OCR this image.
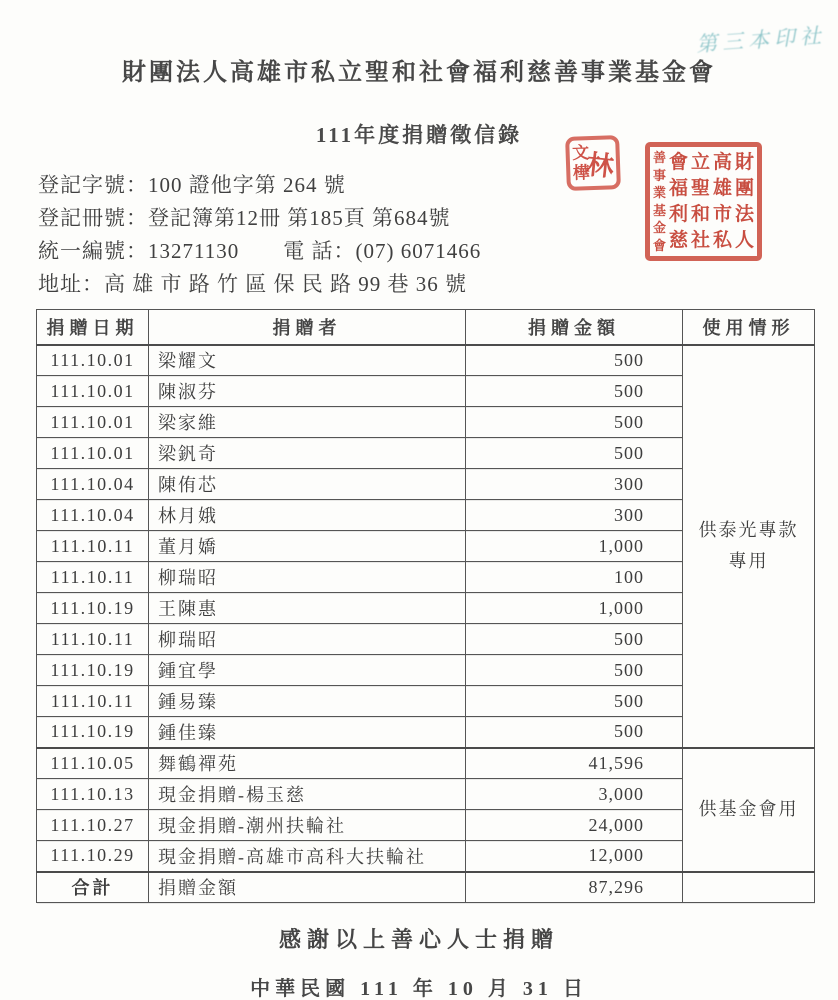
第三本印社
財團法人高雄市私立聖和社會福利慈善事業基金會
111年度捐贈徵信錄
文
樺
林	財
團
法
人
高
雄
市
私
立
聖
和
社
會
福
利
慈
善
事
業
基
金
會
登記字號：100 證他字第 264 號
登記冊號：登記簿第12冊 第185頁 第684號
統一編號：13271130　　電 話：(07) 6071466
地址：高 雄 市 路 竹 區 保 民 路 99 巷 36 號
捐贈日期	捐贈者	捐贈金額	使用情形
111.10.01	梁耀文	500	供泰光專款
專用

111.10.01	陳淑芬	500	
111.10.01	梁家維	500	
111.10.01	梁釩奇	500	
111.10.04	陳侑芯	300	
111.10.04	林月娥	300	
111.10.11	董月嬌	1,000	
111.10.11	柳瑞昭	100	
111.10.19	王陳惠	1,000	
111.10.11	柳瑞昭	500	
111.10.19	鍾宜學	500	
111.10.11	鍾易臻	500	
111.10.19	鍾佳臻	500	
111.10.05	舞鶴禪苑	41,596	供基金會用

111.10.13	現金捐贈-楊玉慈	3,000	
111.10.27	現金捐贈-潮州扶輪社	24,000	
111.10.29	現金捐贈-高雄市高科大扶輪社	12,000	
合計	捐贈金額	87,296	
感謝以上善心人士捐贈
中華民國 111 年 10 月 31 日
